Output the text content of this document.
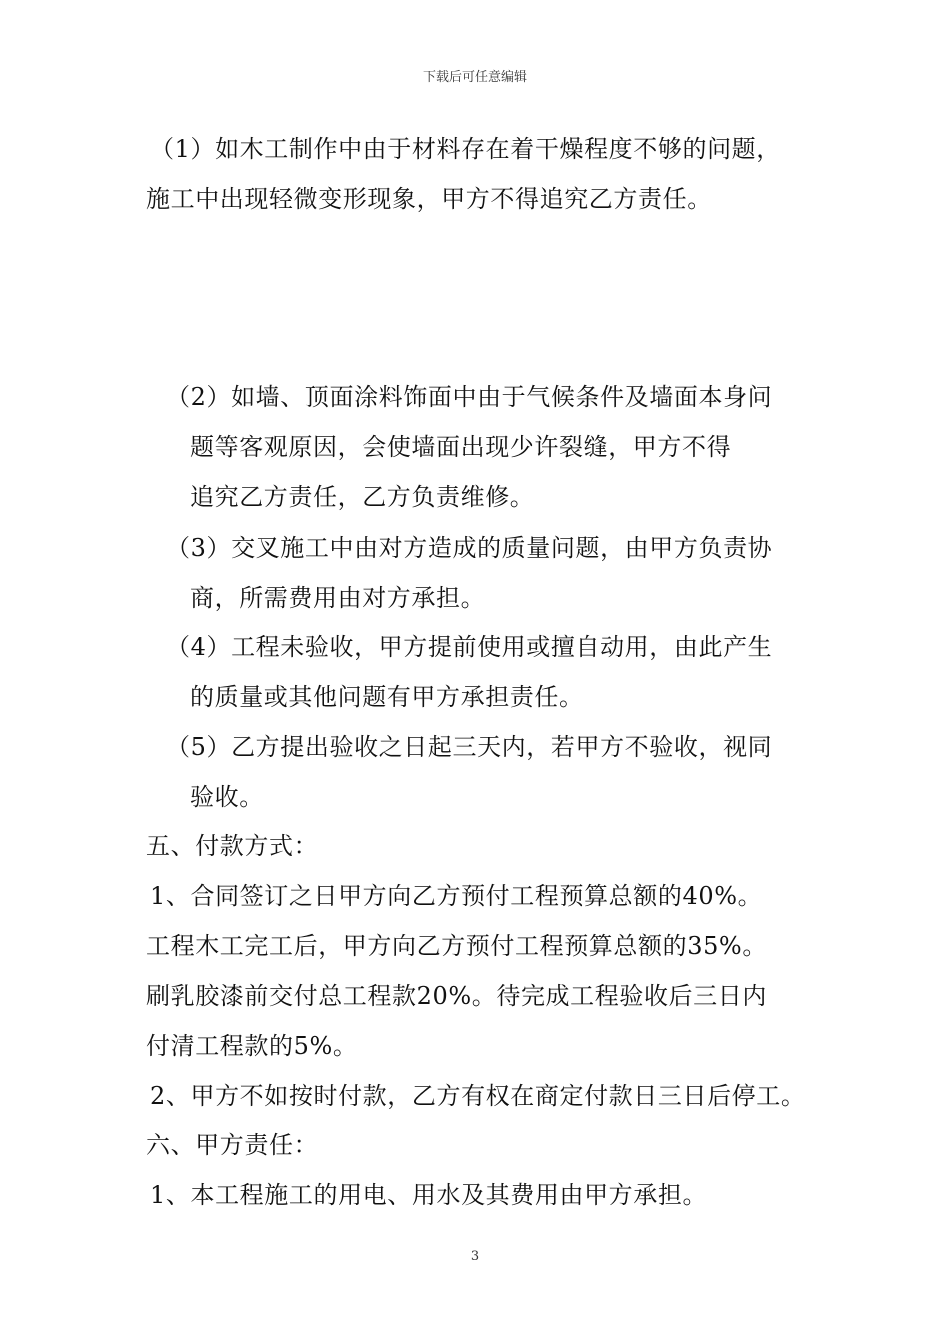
下载后可任意编辑
（1）如木工制作中由于材料存在着干燥程度不够的问题，
施工中出现轻微变形现象，甲方不得追究乙方责任。
（2）如墙、顶面涂料饰面中由于气候条件及墙面本身问
题等客观原因，会使墙面出现少许裂缝，甲方不得
追究乙方责任，乙方负责维修。
（3）交叉施工中由对方造成的质量问题，由甲方负责协
商，所需费用由对方承担。
（4）工程未验收，甲方提前使用或擅自动用，由此产生
的质量或其他问题有甲方承担责任。
（5）乙方提出验收之日起三天内，若甲方不验收，视同
验收。
五、付款方式：
1、合同签订之日甲方向乙方预付工程预算总额的40%。
工程木工完工后，甲方向乙方预付工程预算总额的35%。
刷乳胶漆前交付总工程款20%。待完成工程验收后三日内
付清工程款的5%。
2、甲方不如按时付款，乙方有权在商定付款日三日后停工。
六、甲方责任：
1、本工程施工的用电、用水及其费用由甲方承担。
3
